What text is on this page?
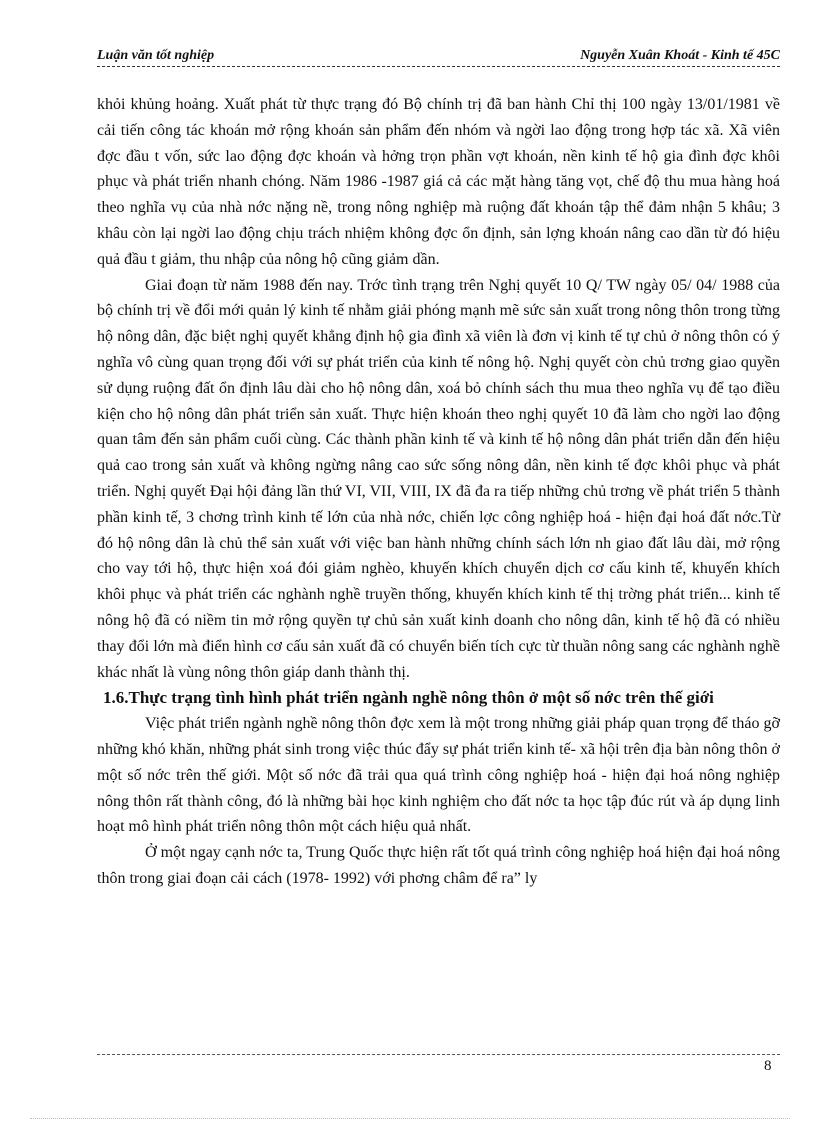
Luận văn tốt nghiệp	Nguyễn Xuân Khoát - Kinh tế 45C

khỏi khủng hoảng. Xuất phát từ thực trạng đó Bộ chính trị đã ban hành Chỉ thị 100 ngày 13/01/1981 về cải tiến công tác khoán mở rộng khoán sản phẩm đến nhóm và ngời lao động trong hợp tác xã. Xã viên đợc đầu t vốn, sức lao động đợc khoán và hởng trọn phần vợt khoán, nền kinh tế hộ gia đình đợc khôi phục và phát triển nhanh chóng. Năm 1986 -1987 giá cả các mặt hàng tăng vọt, chế độ thu mua hàng hoá theo nghĩa vụ của nhà nớc nặng nề, trong nông nghiệp mà ruộng đất khoán tập thể đảm nhận 5 khâu; 3 khâu còn lại ngời lao động chịu trách nhiệm không đợc ổn định, sản lợng khoán nâng cao dần từ đó hiệu quả đầu t giảm, thu nhập của nông hộ cũng giảm dần.

Giai đoạn từ năm 1988 đến nay. Trớc tình trạng trên Nghị quyết 10 Q/ TW ngày 05/ 04/ 1988 của bộ chính trị về đổi mới quản lý kinh tế nhằm giải phóng mạnh mẽ sức sản xuất trong nông thôn trong từng hộ nông dân, đặc biệt nghị quyết khẳng định hộ gia đình xã viên là đơn vị kinh tế tự chủ ở nông thôn có ý nghĩa vô cùng quan trọng đối với sự phát triển của kinh tế nông hộ. Nghị quyết còn chủ trơng giao quyền sử dụng ruộng đất ổn định lâu dài cho hộ nông dân, xoá bỏ chính sách thu mua theo nghĩa vụ để tạo điều kiện cho hộ nông dân phát triển sản xuất. Thực hiện khoán theo nghị quyết 10 đã làm cho ngời lao động quan tâm đến sản phẩm cuối cùng. Các thành phần kinh tế và kinh tế hộ nông dân phát triển dẫn đến hiệu quả cao trong sản xuất và không ngừng nâng cao sức sống nông dân, nền kinh tế đợc khôi phục và phát triển. Nghị quyết Đại hội đảng lần thứ VI, VII, VIII, IX đã đa ra tiếp những chủ trơng về phát triển 5 thành phần kinh tế, 3 chơng trình kinh tế lớn của nhà nớc, chiến lợc công nghiệp hoá - hiện đại hoá đất nớc.Từ đó hộ nông dân là chủ thể sản xuất với việc ban hành những chính sách lớn nh giao đất lâu dài, mở rộng cho vay tới hộ, thực hiện xoá đói giảm nghèo, khuyến khích chuyển dịch cơ cấu kinh tế, khuyến khích khôi phục và phát triển các nghành nghề truyền thống, khuyến khích kinh tế thị trờng phát triển... kinh tế nông hộ đã có niềm tin mở rộng quyền tự chủ sản xuất kinh doanh cho nông dân, kinh tế hộ đã có nhiều thay đổi lớn mà điển hình cơ cấu sản xuất đã có chuyển biến tích cực từ thuần nông sang các nghành nghề khác nhất là vùng nông thôn giáp danh thành thị.

1.6.Thực trạng tình hình phát triển ngành nghề nông thôn ở một số nớc trên thế giới

Việc phát triển ngành nghề nông thôn đợc xem là một trong những giải pháp quan trọng để tháo gỡ những khó khăn, những phát sinh trong việc thúc đẩy sự phát triển kinh tế- xã hội trên địa bàn nông thôn ở một số nớc trên thế giới. Một số nớc đã trải qua quá trình công nghiệp hoá - hiện đại hoá nông nghiệp nông thôn rất thành công, đó là những bài học kinh nghiệm cho đất nớc ta học tập đúc rút và áp dụng linh hoạt mô hình phát triển nông thôn một cách hiệu quả nhất.

Ở một ngay cạnh nớc ta, Trung Quốc thực hiện rất tốt quá trình công nghiệp hoá hiện đại hoá nông thôn trong giai đoạn cải cách (1978- 1992) với phơng châm để ra” ly

8
